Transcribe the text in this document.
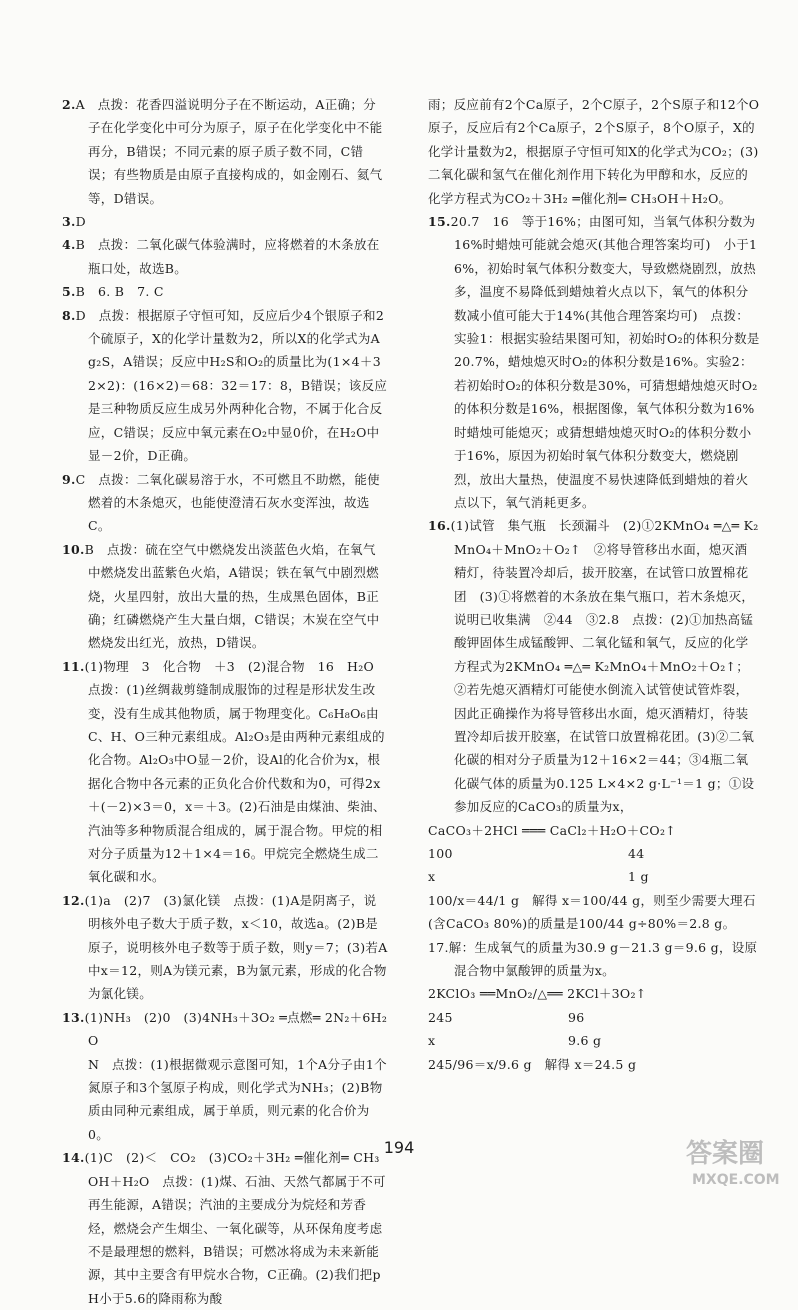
2.A   点拨：花香四溢说明分子在不断运动，A正确；分子在化学变化中可分为原子，原子在化学变化中不能再分，B错误；不同元素的原子质子数不同，C错误；有些物质是由原子直接构成的，如金刚石、氦气等，D错误。

3.D

4.B   点拨：二氧化碳气体验满时，应将燃着的木条放在瓶口处，故选B。

5.B   6. B   7. C

8.D   点拨：根据原子守恒可知，反应后少4个银原子和2个硫原子，X的化学计量数为2，所以X的化学式为Ag₂S，A错误；反应中H₂S和O₂的质量比为(1×4＋32×2)：(16×2)＝68：32＝17：8，B错误；该反应是三种物质反应生成另外两种化合物，不属于化合反应，C错误；反应中氧元素在O₂中显0价，在H₂O中显－2价，D正确。

9.C   点拨：二氧化碳易溶于水，不可燃且不助燃，能使燃着的木条熄灭，也能使澄清石灰水变浑浊，故选C。

10.B   点拨：硫在空气中燃烧发出淡蓝色火焰，在氧气中燃烧发出蓝紫色火焰，A错误；铁在氧气中剧烈燃烧，火星四射，放出大量的热，生成黑色固体，B正确；红磷燃烧产生大量白烟，C错误；木炭在空气中燃烧发出红光，放热，D错误。

11.(1)物理   3   化合物   ＋3   (2)混合物   16   H₂O
点拨：(1)丝绸裁剪缝制成服饰的过程是形状发生改变，没有生成其他物质，属于物理变化。C₆H₈O₆由C、H、O三种元素组成。Al₂O₃是由两种元素组成的化合物。Al₂O₃中O显－2价，设Al的化合价为x，根据化合物中各元素的正负化合价代数和为0，可得2x＋(－2)×3＝0，x＝＋3。(2)石油是由煤油、柴油、汽油等多种物质混合组成的，属于混合物。甲烷的相对分子质量为12＋1×4＝16。甲烷完全燃烧生成二氧化碳和水。

12.(1)a   (2)7   (3)氯化镁   点拨：(1)A是阴离子，说明核外电子数大于质子数，x＜10，故选a。(2)B是原子，说明核外电子数等于质子数，则y＝7；(3)若A中x＝12，则A为镁元素，B为氯元素，形成的化合物为氯化镁。

13.(1)NH₃   (2)0   (3)4NH₃＋3O₂ ═点燃═ 2N₂＋6H₂O
N   点拨：(1)根据微观示意图可知，1个A分子由1个氮原子和3个氢原子构成，则化学式为NH₃；(2)B物质由同种元素组成，属于单质，则元素的化合价为0。

14.(1)C   (2)＜   CO₂   (3)CO₂＋3H₂ ═催化剂═ CH₃OH＋H₂O   点拨：(1)煤、石油、天然气都属于不可再生能源，A错误；汽油的主要成分为烷烃和芳香烃，燃烧会产生烟尘、一氧化碳等，从环保角度考虑不是最理想的燃料，B错误；可燃冰将成为未来新能源，其中主要含有甲烷水合物，C正确。(2)我们把pH小于5.6的降雨称为酸

雨；反应前有2个Ca原子，2个C原子，2个S原子和12个O原子，反应后有2个Ca原子，2个S原子，8个O原子，X的化学计量数为2，根据原子守恒可知X的化学式为CO₂；(3)二氧化碳和氢气在催化剂作用下转化为甲醇和水，反应的化学方程式为CO₂＋3H₂ ═催化剂═ CH₃OH＋H₂O。

15.20.7   16   等于16%；由图可知，当氧气体积分数为16%时蜡烛可能就会熄灭(其他合理答案均可)   小于16%，初始时氧气体积分数变大，导致燃烧剧烈，放热多，温度不易降低到蜡烛着火点以下，氧气的体积分数减小值可能大于14%(其他合理答案均可)   点拨：实验1：根据实验结果图可知，初始时O₂的体积分数是20.7%，蜡烛熄灭时O₂的体积分数是16%。实验2：若初始时O₂的体积分数是30%，可猜想蜡烛熄灭时O₂的体积分数是16%，根据图像，氧气体积分数为16%时蜡烛可能熄灭；或猜想蜡烛熄灭时O₂的体积分数小于16%，原因为初始时氧气体积分数变大，燃烧剧烈，放出大量热，使温度不易快速降低到蜡烛的着火点以下，氧气消耗更多。

16.(1)试管   集气瓶   长颈漏斗   (2)①2KMnO₄ ═△═ K₂MnO₄＋MnO₂＋O₂↑   ②将导管移出水面，熄灭酒精灯，待装置冷却后，拔开胶塞，在试管口放置棉花团   (3)①将燃着的木条放在集气瓶口，若木条熄灭，说明已收集满   ②44   ③2.8   点拨：(2)①加热高锰酸钾固体生成锰酸钾、二氧化锰和氧气，反应的化学方程式为2KMnO₄ ═△═ K₂MnO₄＋MnO₂＋O₂↑；②若先熄灭酒精灯可能使水倒流入试管使试管炸裂，因此正确操作为将导管移出水面，熄灭酒精灯，待装置冷却后拔开胶塞，在试管口放置棉花团。(3)②二氧化碳的相对分子质量为12＋16×2＝44；③4瓶二氧化碳气体的质量为0.125 L×4×2 g·L⁻¹＝1 g；①设参加反应的CaCO₃的质量为x，

CaCO₃＋2HCl ═══ CaCl₂＋H₂O＋CO₂↑
100	44
x	1 g

100/x＝44/1 g   解得 x＝100/44 g，则至少需要大理石(含CaCO₃ 80%)的质量是100/44 g÷80%＝2.8 g。

17.解：生成氧气的质量为30.9 g－21.3 g＝9.6 g，设原混合物中氯酸钾的质量为x。

2KClO₃ ══MnO₂/△══ 2KCl＋3O₂↑
245	96
x	9.6 g
245/96＝x/9.6 g   解得 x＝24.5 g
194	答案圈
MXQE.COM
